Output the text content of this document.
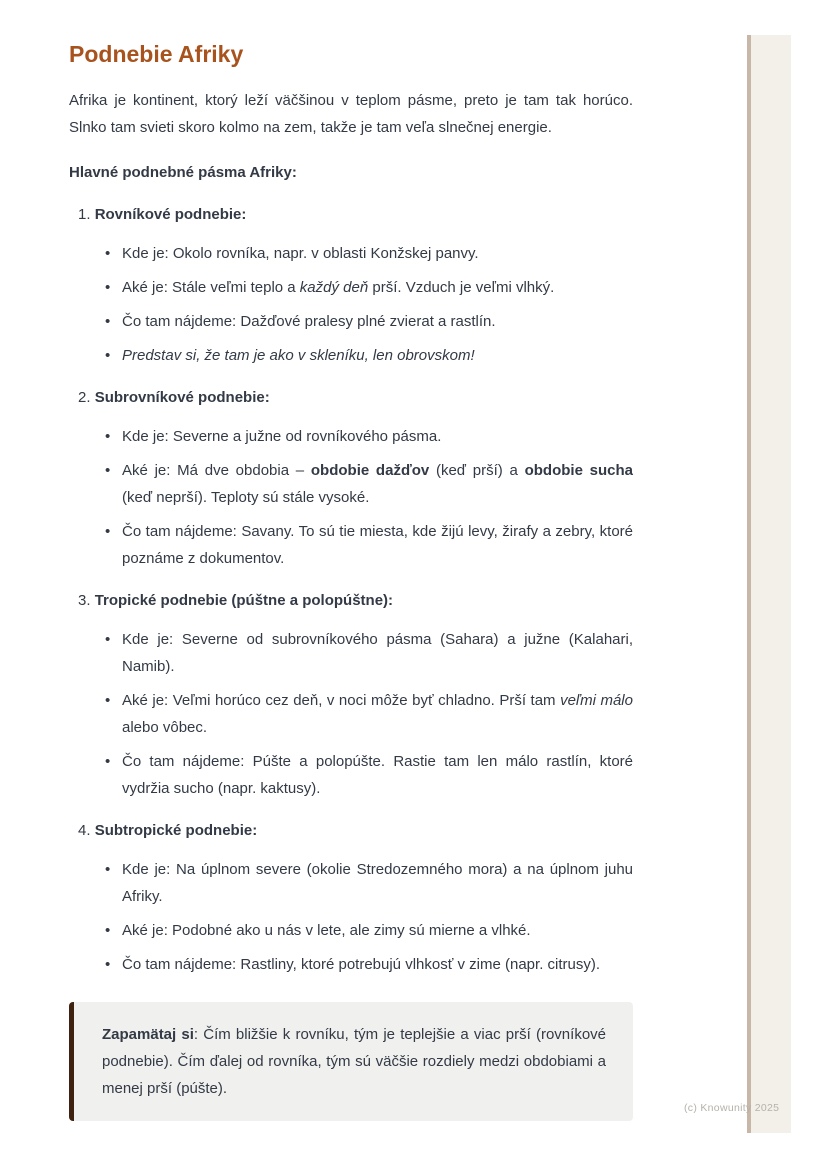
(c) Knowunity 2025
Podnebie Afriky

Afrika je kontinent, ktorý leží väčšinou v teplom pásme, preto je tam tak horúco. Slnko tam svieti skoro kolmo na zem, takže je tam veľa slnečnej energie.

Hlavné podnebné pásma Afriky:

1. Rovníkové podnebie:
• Kde je: Okolo rovníka, napr. v oblasti Konžskej panvy.
• Aké je: Stále veľmi teplo a každý deň prší. Vzduch je veľmi vlhký.
• Čo tam nájdeme: Dažďové pralesy plné zvierat a rastlín.
• Predstav si, že tam je ako v skleníku, len obrovskom!
2. Subrovníkové podnebie:
• Kde je: Severne a južne od rovníkového pásma.
• Aké je: Má dve obdobia – obdobie dažďov (keď prší) a obdobie sucha (keď neprší). Teploty sú stále vysoké.
• Čo tam nájdeme: Savany. To sú tie miesta, kde žijú levy, žirafy a zebry, ktoré poznáme z dokumentov.
3. Tropické podnebie (púštne a polopúštne):
• Kde je: Severne od subrovníkového pásma (Sahara) a južne (Kalahari, Namib).
• Aké je: Veľmi horúco cez deň, v noci môže byť chladno. Prší tam veľmi málo alebo vôbec.
• Čo tam nájdeme: Púšte a polopúšte. Rastie tam len málo rastlín, ktoré vydržia sucho (napr. kaktusy).
4. Subtropické podnebie:
• Kde je: Na úplnom severe (okolie Stredozemného mora) a na úplnom juhu Afriky.
• Aké je: Podobné ako u nás v lete, ale zimy sú mierne a vlhké.
• Čo tam nájdeme: Rastliny, ktoré potrebujú vlhkosť v zime (napr. citrusy).

Zapamätaj si: Čím bližšie k rovníku, tým je teplejšie a viac prší (rovníkové podnebie). Čím ďalej od rovníka, tým sú väčšie rozdiely medzi obdobiami a menej prší (púšte).
